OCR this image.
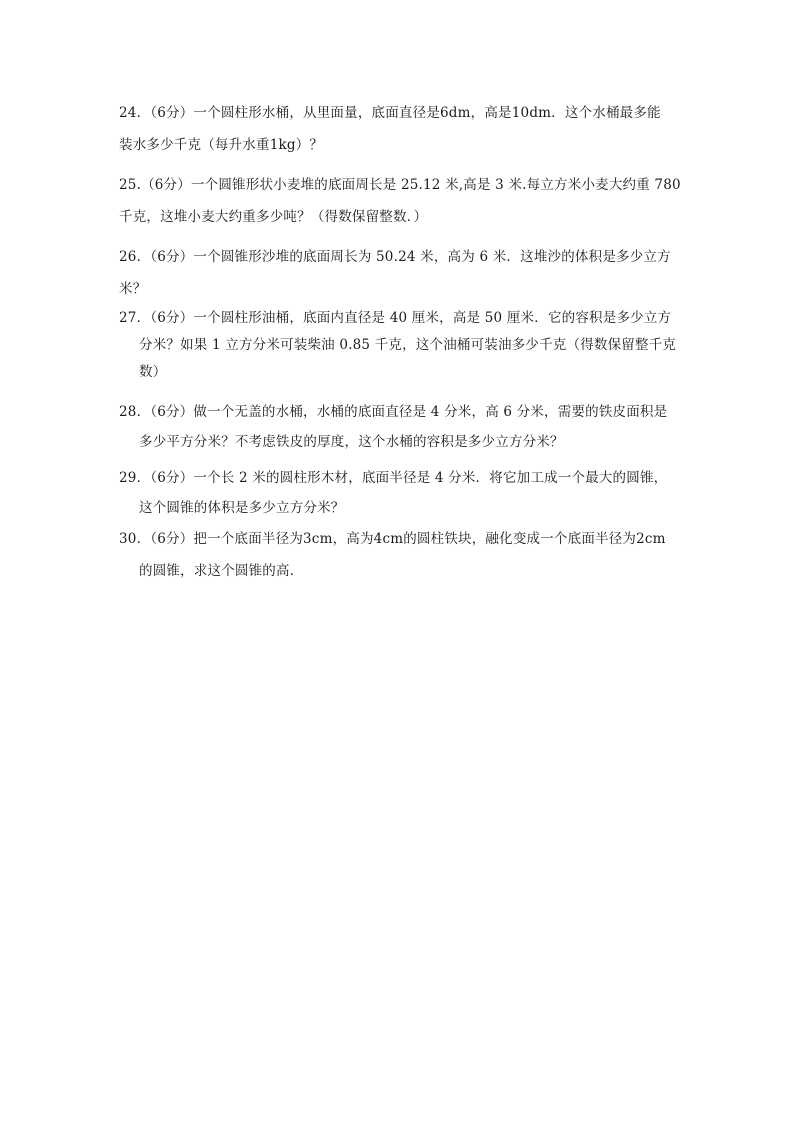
24．（6分）一个圆柱形水桶，从里面量，底面直径是6dm，高是10dm．这个水桶最多能
装水多少千克（每升水重1kg）？
25.（6分）一个圆锥形状小麦堆的底面周长是 25.12 米,高是 3 米.每立方米小麦大约重 780
千克，这堆小麦大约重多少吨？（得数保留整数．）
26．（6分）一个圆锥形沙堆的底面周长为 50.24 米，高为 6 米．这堆沙的体积是多少立方
米？
27．（6分）一个圆柱形油桶，底面内直径是 40 厘米，高是 50 厘米．它的容积是多少立方
分米？如果 1 立方分米可装柴油 0.85 千克，这个油桶可装油多少千克（得数保留整千克
数）
28．（6分）做一个无盖的水桶，水桶的底面直径是 4 分米，高 6 分米，需要的铁皮面积是
多少平方分米？不考虑铁皮的厚度，这个水桶的容积是多少立方分米？
29．（6分）一个长 2 米的圆柱形木材，底面半径是 4 分米．将它加工成一个最大的圆锥，
这个圆锥的体积是多少立方分米？
30．（6分）把一个底面半径为3cm，高为4cm的圆柱铁块，融化变成一个底面半径为2cm
的圆锥，求这个圆锥的高．
